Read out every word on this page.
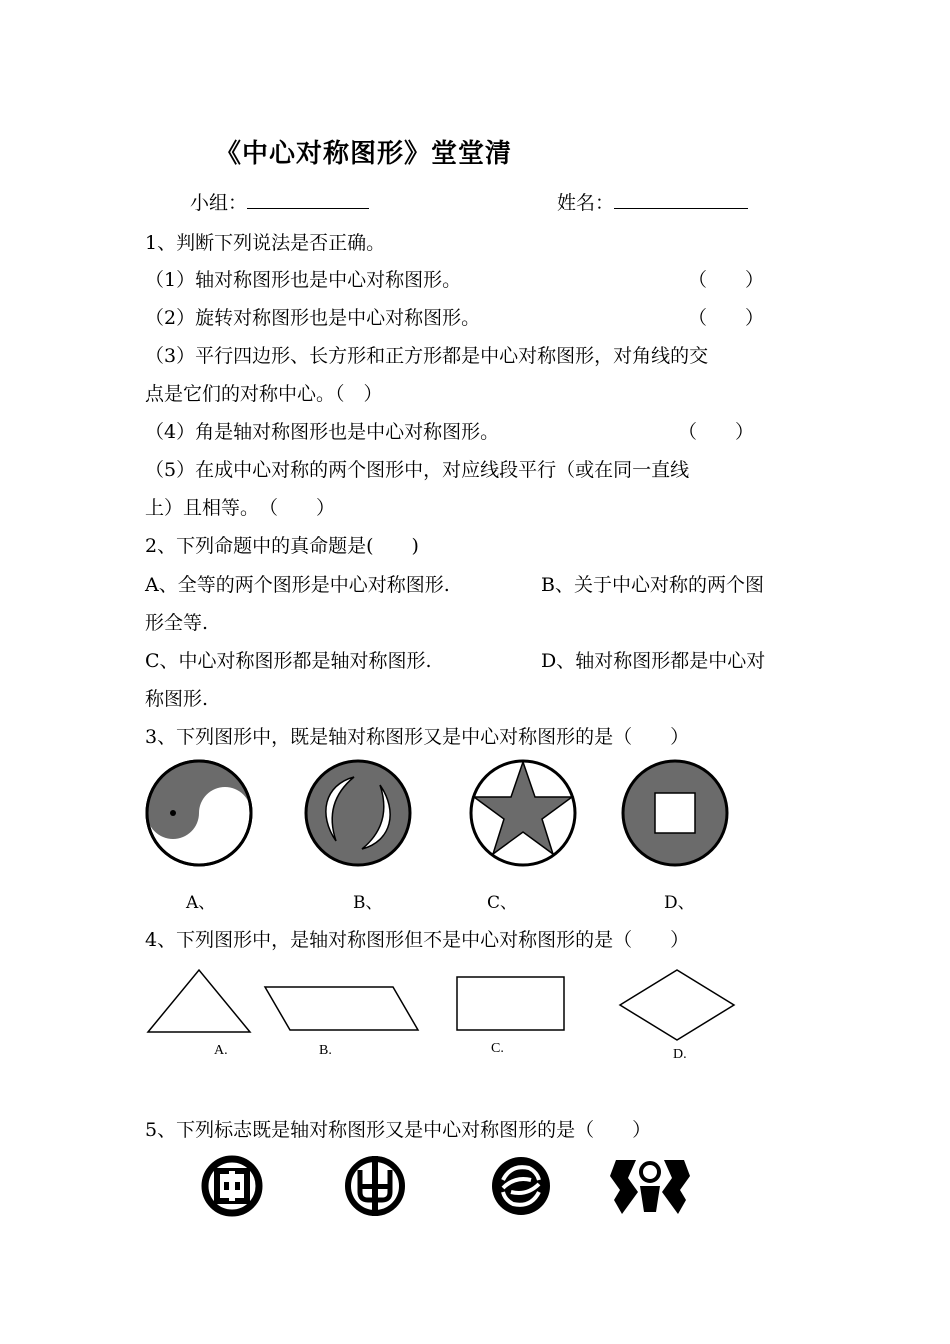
《中心对称图形》堂堂清
小组：	姓名：
1、判断下列说法是否正确。
（1）轴对称图形也是中心对称图形。	（　　）
（2）旋转对称图形也是中心对称图形。	（　　）
（3）平行四边形、长方形和正方形都是中心对称图形，对角线的交
点是它们的对称中心。（　）
（4）角是轴对称图形也是中心对称图形。	（　　）
（5）在成中心对称的两个图形中，对应线段平行（或在同一直线
上）且相等。　（　　）
2、下列命题中的真命题是(　　)
A、全等的两个图形是中心对称图形.	B、关于中心对称的两个图
形全等.
C、中心对称图形都是轴对称图形.	D、轴对称图形都是中心对
称图形.
3、下列图形中，既是轴对称图形又是中心对称图形的是（　　）
A、	B、	C、	D、
4、下列图形中，是轴对称图形但不是中心对称图形的是（　　）
A.	B.	C.	D.
5、下列标志既是轴对称图形又是中心对称图形的是（　　）
